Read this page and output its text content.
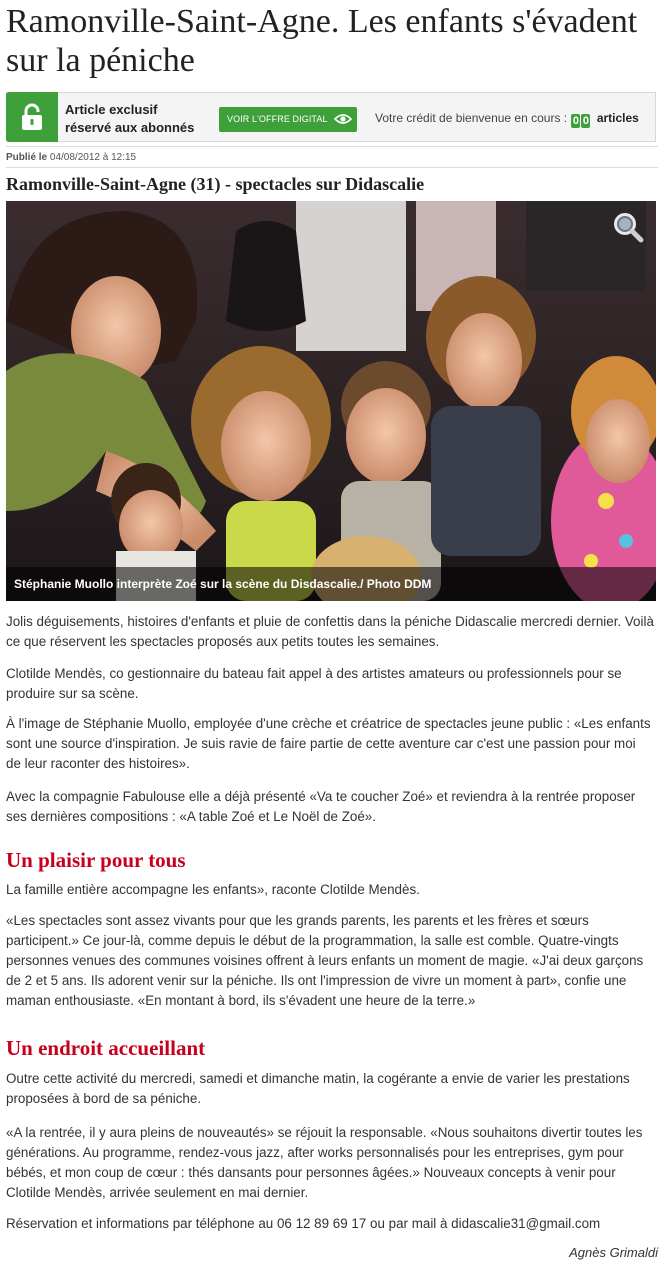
Ramonville-Saint-Agne. Les enfants s'évadent sur la péniche
Article exclusif
réservé aux abonnés
VOIR L'OFFRE DIGITAL	Votre crédit de bienvenue en cours : 0 0 articles
Publié le 04/08/2012 à 12:15
Ramonville-Saint-Agne (31) - spectacles sur Didascalie
Stéphanie Muollo interprète Zoé sur la scène du Disdascalie./ Photo DDM

Jolis déguisements, histoires d'enfants et pluie de confettis dans la péniche Didascalie mercredi dernier. Voilà ce que réservent les spectacles proposés aux petits toutes les semaines.

Clotilde Mendès, co gestionnaire du bateau fait appel à des artistes amateurs ou professionnels pour se produire sur sa scène.

À l'image de Stéphanie Muollo, employée d'une crèche et créatrice de spectacles jeune public : «Les enfants sont une source d'inspiration. Je suis ravie de faire partie de cette aventure car c'est une passion pour moi de leur raconter des histoires».

Avec la compagnie Fabulouse elle a déjà présenté «Va te coucher Zoé» et reviendra à la rentrée proposer ses dernières compositions : «A table Zoé et Le Noël de Zoé».

Un plaisir pour tous

La famille entière accompagne les enfants», raconte Clotilde Mendès.

«Les spectacles sont assez vivants pour que les grands parents, les parents et les frères et sœurs participent.» Ce jour-là, comme depuis le début de la programmation, la salle est comble. Quatre-vingts personnes venues des communes voisines offrent à leurs enfants un moment de magie. «J'ai deux garçons de 2 et 5 ans. Ils adorent venir sur la péniche. Ils ont l'impression de vivre un moment à part», confie une maman enthousiaste. «En montant à bord, ils s'évadent une heure de la terre.»

Un endroit accueillant

Outre cette activité du mercredi, samedi et dimanche matin, la cogérante a envie de varier les prestations proposées à bord de sa péniche.

«A la rentrée, il y aura pleins de nouveautés» se réjouit la responsable. «Nous souhaitons divertir toutes les générations. Au programme, rendez-vous jazz, after works personnalisés pour les entreprises, gym pour bébés, et mon coup de cœur : thés dansants pour personnes âgées.» Nouveaux concepts à venir pour Clotilde Mendès, arrivée seulement en mai dernier.

Réservation et informations par téléphone au 06 12 89 69 17 ou par mail à didascalie31@gmail.com

Agnès Grimaldi
